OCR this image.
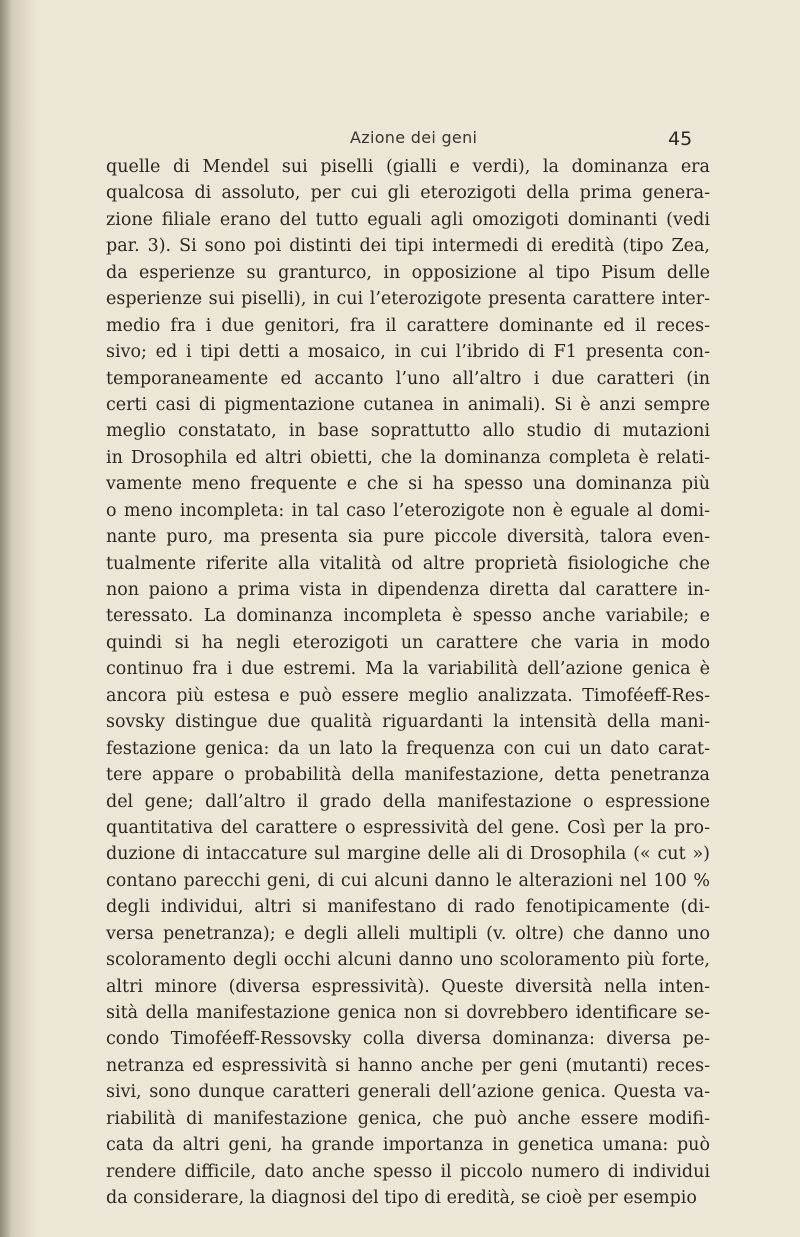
Azione dei geni	45
quelle di Mendel sui piselli (gialli e verdi), la dominanza era
qualcosa di assoluto, per cui gli eterozigoti della prima genera-
zione filiale erano del tutto eguali agli omozigoti dominanti (vedi
par. 3). Si sono poi distinti dei tipi intermedi di eredità (tipo Zea,
da esperienze su granturco, in opposizione al tipo Pisum delle
esperienze sui piselli), in cui l’eterozigote presenta carattere inter-
medio fra i due genitori, fra il carattere dominante ed il reces-
sivo; ed i tipi detti a mosaico, in cui l’ibrido di F1 presenta con-
temporaneamente ed accanto l’uno all’altro i due caratteri (in
certi casi di pigmentazione cutanea in animali). Si è anzi sempre
meglio constatato, in base soprattutto allo studio di mutazioni
in Drosophila ed altri obietti, che la dominanza completa è relati-
vamente meno frequente e che si ha spesso una dominanza più
o meno incompleta: in tal caso l’eterozigote non è eguale al domi-
nante puro, ma presenta sia pure piccole diversità, talora even-
tualmente riferite alla vitalità od altre proprietà fisiologiche che
non paiono a prima vista in dipendenza diretta dal carattere in-
teressato. La dominanza incompleta è spesso anche variabile; e
quindi si ha negli eterozigoti un carattere che varia in modo
continuo fra i due estremi. Ma la variabilità dell’azione genica è
ancora più estesa e può essere meglio analizzata. Timoféeff-Res-
sovsky distingue due qualità riguardanti la intensità della mani-
festazione genica: da un lato la frequenza con cui un dato carat-
tere appare o probabilità della manifestazione, detta penetranza
del gene; dall’altro il grado della manifestazione o espressione
quantitativa del carattere o espressività del gene. Così per la pro-
duzione di intaccature sul margine delle ali di Drosophila (« cut »)
contano parecchi geni, di cui alcuni danno le alterazioni nel 100 %
degli individui, altri si manifestano di rado fenotipicamente (di-
versa penetranza); e degli alleli multipli (v. oltre) che danno uno
scoloramento degli occhi alcuni danno uno scoloramento più forte,
altri minore (diversa espressività). Queste diversità nella inten-
sità della manifestazione genica non si dovrebbero identificare se-
condo Timoféeff-Ressovsky colla diversa dominanza: diversa pe-
netranza ed espressività si hanno anche per geni (mutanti) reces-
sivi, sono dunque caratteri generali dell’azione genica. Questa va-
riabilità di manifestazione genica, che può anche essere modifi-
cata da altri geni, ha grande importanza in genetica umana: può
rendere difficile, dato anche spesso il piccolo numero di individui
da considerare, la diagnosi del tipo di eredità, se cioè per esempio
